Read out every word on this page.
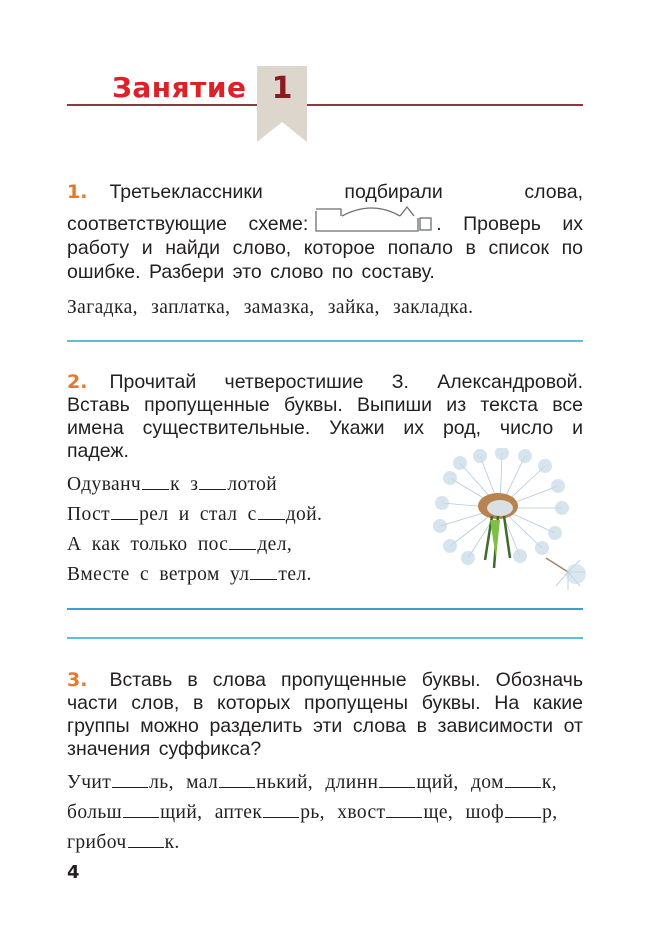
Занятие 1

1. Третьеклассники подбирали слова, соответствующие схеме:	. Проверь их работу и найди слово, которое попало в список по ошибке. Разбери это слово по составу.

Загадка, заплатка, замазка, зайка, закладка.

2. Прочитай четверостишие З. Александровой. Вставь пропущенные буквы. Выпиши из текста все имена существительные. Укажи их род, число и падеж.

Одуванч к з лотой
Пост рел и стал с дой.
А как только пос дел,
Вместе с ветром ул тел.

3. Вставь в слова пропущенные буквы. Обозначь части слов, в которых пропущены буквы. На какие группы можно разделить эти слова в зависимости от значения суффикса?

Учит ль, мал нький, длинн щий, дом к,
больш щий, аптек рь, хвост ще, шоф р,
грибоч к.
4
